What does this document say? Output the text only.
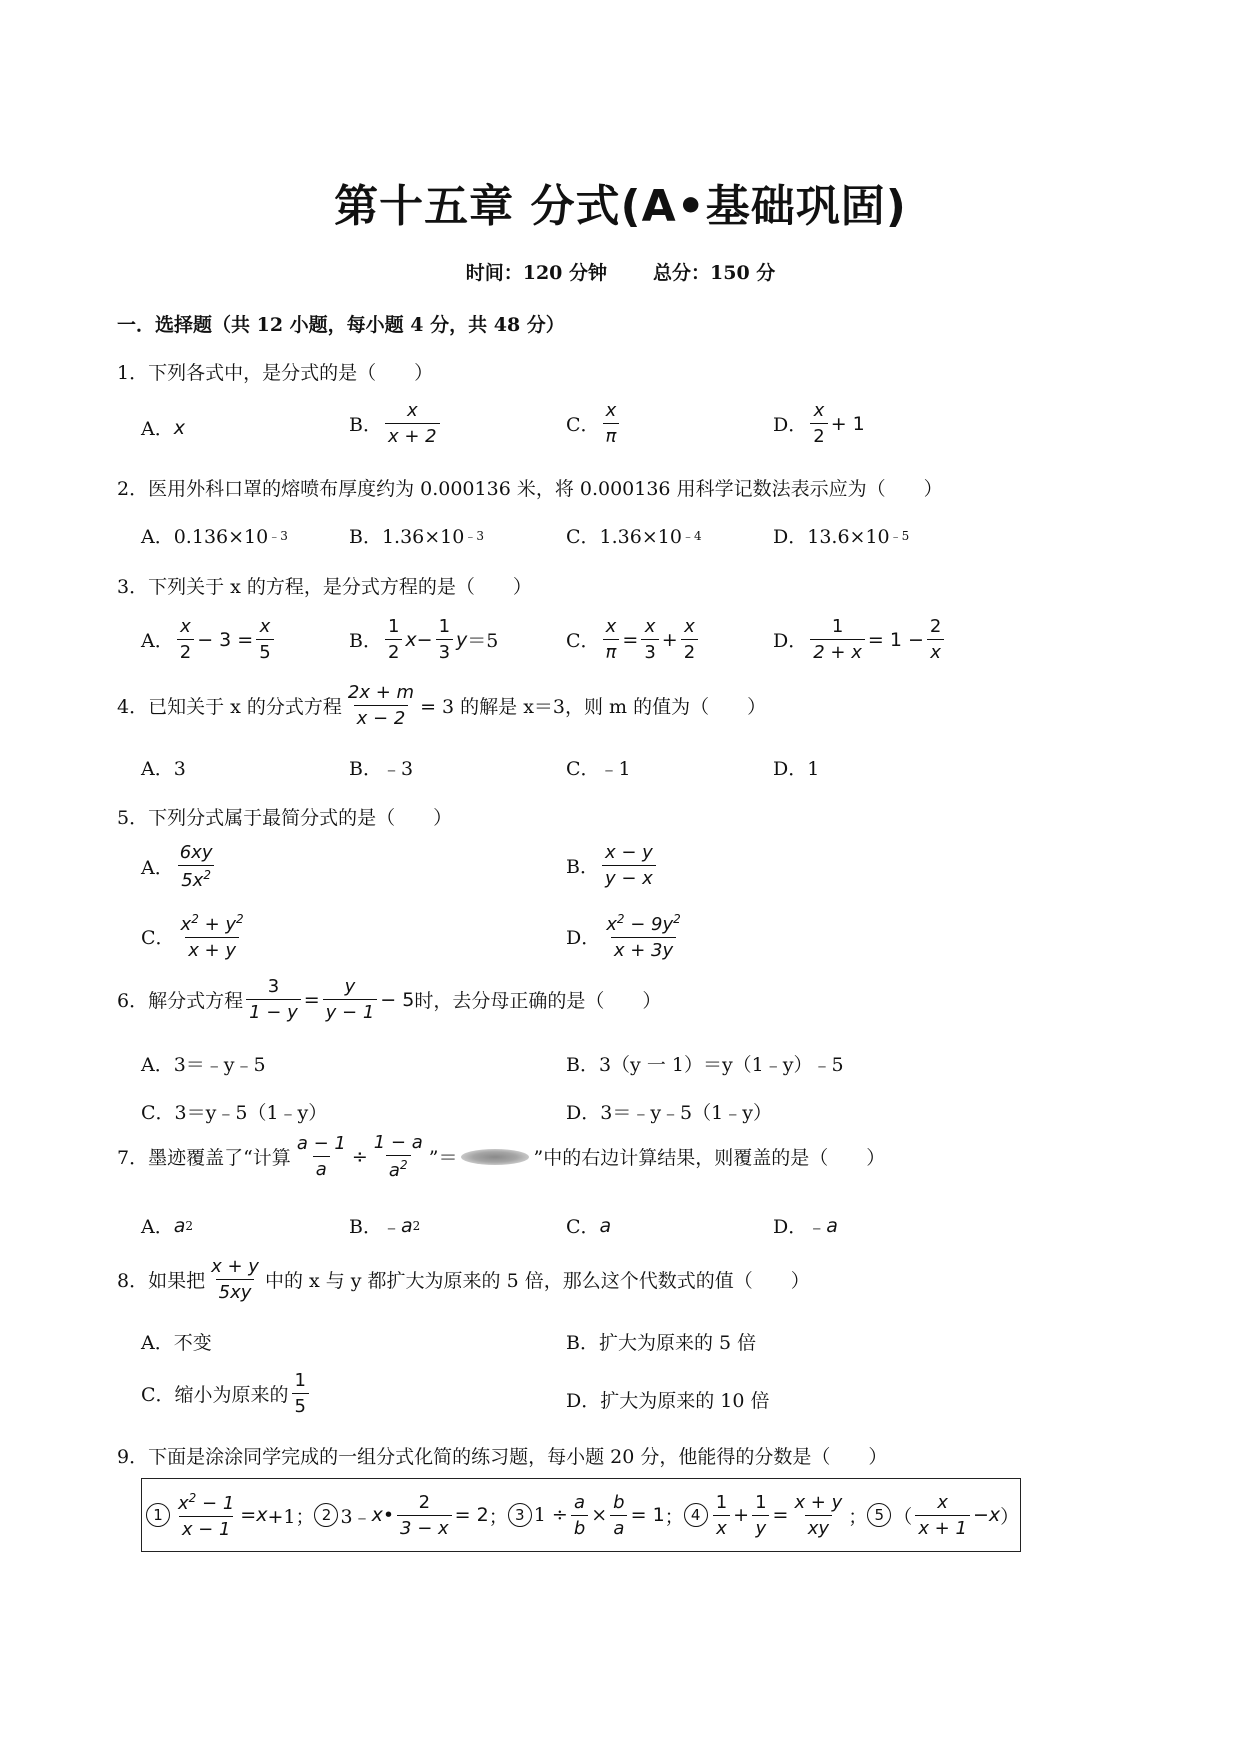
第十五章 分式(A•基础巩固)
时间：120 分钟 总分：150 分
一．选择题（共 12 小题，每小题 4 分，共 48 分）
1．下列各式中，是分式的是（　　）
A． x	B． $\frac{x}{x + 2}$	C． $\frac{x}{\pi}$	D． $\frac{x}{2} + 1$
2．医用外科口罩的熔喷布厚度约为 0.000136 米，将 0.000136 用科学记数法表示应为（　　）
A．0.136×10 ﹣3	B．1.36×10 ﹣3	C．1.36×10 ﹣4	D．13.6×10 ﹣5
3．下列关于 x 的方程，是分式方程的是（　　）
A． $\frac{x}{2} - 3 = \frac{x}{5}$	B． $\frac{1}{2}$ $x - \frac{1}{3}$ y ＝5	C． $\frac{x}{\pi} = \frac{x}{3} + \frac{x}{2}$	D． $\frac{1}{2 + x} = 1 - \frac{2}{x}$
4．已知关于 x 的分式方程 $\frac{2x + m}{x - 2} = 3$ 的解是 x＝3，则 m 的值为（　　）
A．3	B．﹣3	C．﹣1	D．1
5．下列分式属于最简分式的是（　　）
A． $\frac{6xy}{5x^2}$	B． $\frac{x - y}{y - x}$
C． $\frac{x^2 + y^2}{x + y}$	D． $\frac{x^2 - 9y^2}{x + 3y}$
6．解分式方程 $\frac{3}{1 - y} = \frac{y}{y - 1} - 5$ 时，去分母正确的是（　　）
A．3＝﹣y﹣5	B．3（y 一 1）＝y（1﹣y）﹣5
C．3＝y﹣5（1﹣y）	D．3＝﹣y﹣5（1﹣y）
7．墨迹覆盖了“计算 $\frac{a - 1}{a} \div \frac{1 - a}{a^2}$ ”＝	”中的右边计算结果，则覆盖的是（　　）
A． a 2	B．﹣ a 2	C． a	D．﹣ a
8．如果把 $\frac{x + y}{5xy}$ 中的 x 与 y 都扩大为原来的 5 倍，那么这个代数式的值（　　）
A．不变	B．扩大为原来的 5 倍
C．缩小为原来的 $\frac{1}{5}$	D．扩大为原来的 10 倍
9．下面是涂涂同学完成的一组分式化简的练习题，每小题 20 分，他能得的分数是（　　）
$1 \frac{x^2 - 1}{x - 1} = x +1$； 2 3﹣ x • $\frac{2}{3 - x} = 2$ ； 3 $1 \div \frac{a}{b} \times \frac{b}{a} = 1$ ； $4 \frac{1}{x} + \frac{1}{y} = \frac{x + y}{xy}$ ； 5 （ $\frac{x}{x + 1} - x$ ）
